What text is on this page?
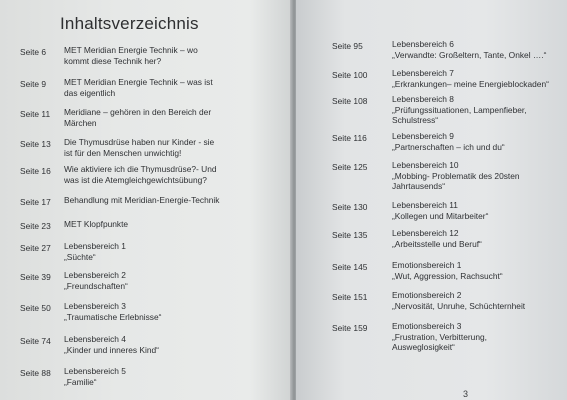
Inhaltsverzeichnis
Seite 6 MET Meridian Energie Technik – wo
kommt diese Technik her?
Seite 9 MET Meridian Energie Technik – was ist
das eigentlich
Seite 11 Meridiane – gehören in den Bereich der
Märchen
Seite 13 Die Thymusdrüse haben nur Kinder - sie
ist für den Menschen unwichtig!
Seite 16 Wie aktiviere ich die Thymusdrüse?- Und
was ist die Atemgleichgewichtsübung?
Seite 17 Behandlung mit Meridian-Energie-Technik
Seite 23 MET Klopfpunkte
Seite 27 Lebensbereich 1
„Süchte“
Seite 39 Lebensbereich 2
„Freundschaften“
Seite 50 Lebensbereich 3
„Traumatische Erlebnisse“
Seite 74 Lebensbereich 4
„Kinder und inneres Kind“
Seite 88 Lebensbereich 5
„Familie“
Seite 95	Lebensbereich 6
„Verwandte: Großeltern, Tante, Onkel ….“
Seite 100	Lebensbereich 7
„Erkrankungen– meine Energieblockaden“
Seite 108	Lebensbereich 8
„Prüfungssituationen, Lampenfieber,
Schulstress“
Seite 116	Lebensbereich 9
„Partnerschaften – ich und du“
Seite 125	Lebensbereich 10
„Mobbing- Problematik des 20sten
Jahrtausends“
Seite 130	Lebensbereich 11
„Kollegen und Mitarbeiter“
Seite 135	Lebensbereich 12
„Arbeitsstelle und Beruf“
Seite 145	Emotionsbereich 1
„Wut, Aggression, Rachsucht“
Seite 151	Emotionsbereich 2
„Nervosität, Unruhe, Schüchternheit
Seite 159	Emotionsbereich 3
„Frustration, Verbitterung,
Ausweglosigkeit“
3
